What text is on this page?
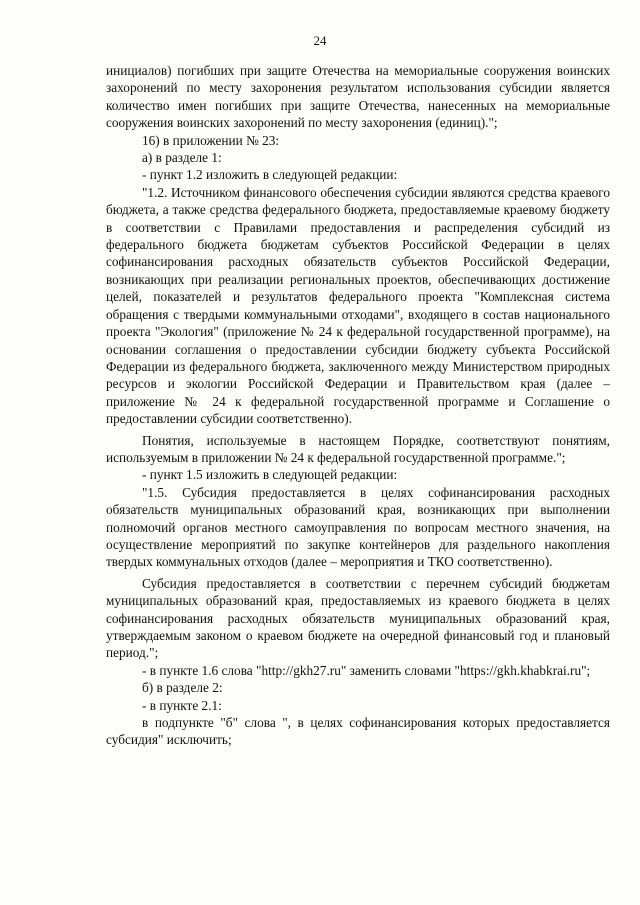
24

инициалов) погибших при защите Отечества на мемориальные сооружения воинских захоронений по месту захоронения результатом использования субсидии является количество имен погибших при защите Отечества, нанесенных на мемориальные сооружения воинских захоронений по месту захоронения (единиц).";

16) в приложении № 23:

а) в разделе 1:

- пункт 1.2 изложить в следующей редакции:

"1.2. Источником финансового обеспечения субсидии являются средства краевого бюджета, а также средства федерального бюджета, предоставляемые краевому бюджету в соответствии с Правилами предоставления и распределения субсидий из федерального бюджета бюджетам субъектов Российской Федерации в целях софинансирования расходных обязательств субъектов Российской Федерации, возникающих при реализации региональных проектов, обеспечивающих достижение целей, показателей и результатов федерального проекта "Комплексная система обращения с твердыми коммунальными отходами", входящего в состав национального проекта "Экология" (приложение № 24 к федеральной государственной программе), на основании соглашения о предоставлении субсидии бюджету субъекта Российской Федерации из федерального бюджета, заключенного между Министерством природных ресурсов и экологии Российской Федерации и Правительством края (далее – приложение № 24 к федеральной государственной программе и Соглашение о предоставлении субсидии соответственно).

Понятия, используемые в настоящем Порядке, соответствуют понятиям, используемым в приложении № 24 к федеральной государственной программе.";

- пункт 1.5 изложить в следующей редакции:

"1.5. Субсидия предоставляется в целях софинансирования расходных обязательств муниципальных образований края, возникающих при выполнении полномочий органов местного самоуправления по вопросам местного значения, на осуществление мероприятий по закупке контейнеров для раздельного накопления твердых коммунальных отходов (далее – мероприятия и ТКО соответственно).

Субсидия предоставляется в соответствии с перечнем субсидий бюджетам муниципальных образований края, предоставляемых из краевого бюджета в целях софинансирования расходных обязательств муниципальных образований края, утверждаемым законом о краевом бюджете на очередной финансовый год и плановый период.";

- в пункте 1.6 слова "http://gkh27.ru" заменить словами "https://gkh.khabkrai.ru";

б) в разделе 2:

- в пункте 2.1:

в подпункте "б" слова ", в целях софинансирования которых предоставляется субсидия" исключить;
